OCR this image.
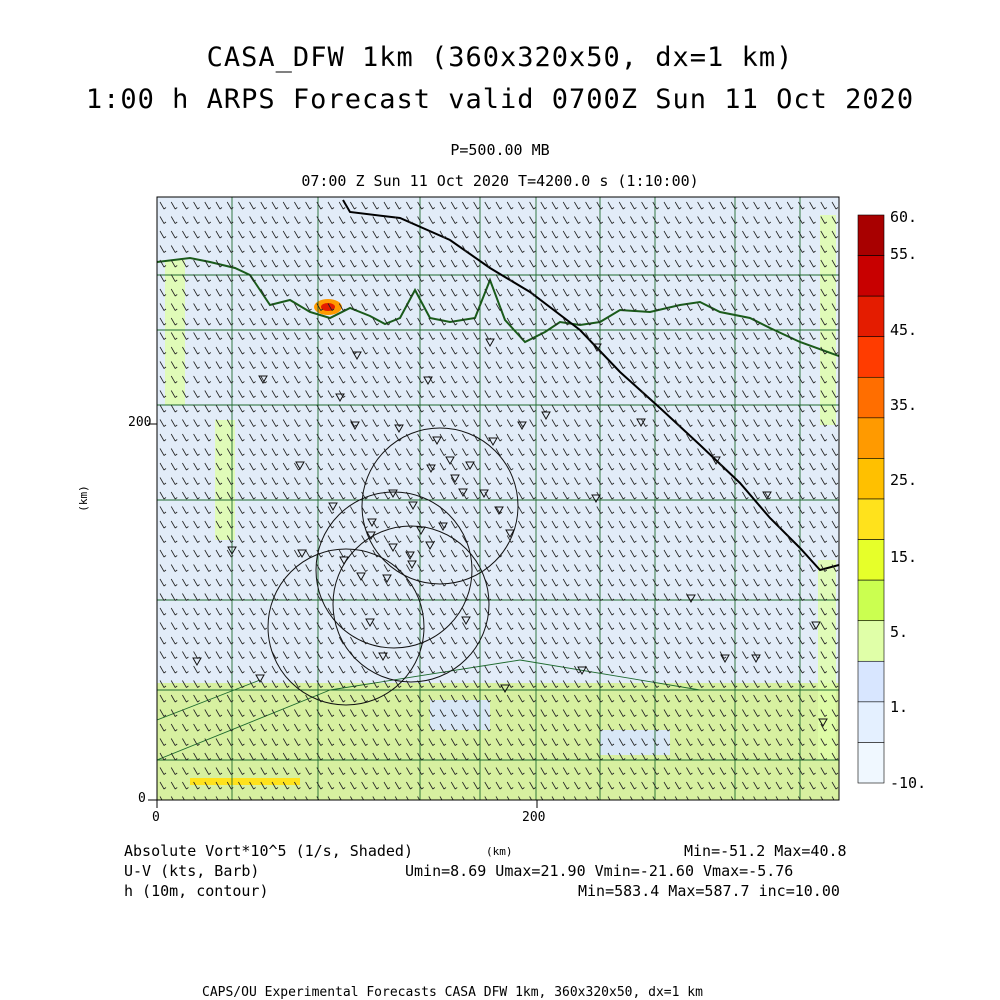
CASA_DFW 1km (360x320x50, dx=1 km)
1:00 h ARPS Forecast valid 0700Z Sun 11 Oct 2020
P=500.00 MB
07:00 Z Sun 11 Oct 2020 T=4200.0 s (1:10:00)
200
0
0	200
(km)
(km)
60.
55.
45.
35.
25.
15.
5.
1.
-10.
Absolute Vort*10^5 (1/s, Shaded)	Min=-51.2 Max=40.8
U-V (kts, Barb)	Umin=8.69 Umax=21.90 Vmin=-21.60 Vmax=-5.76
h (10m, contour)	Min=583.4 Max=587.7 inc=10.00
CAPS/OU Experimental Forecasts CASA DFW 1km, 360x320x50, dx=1 km
